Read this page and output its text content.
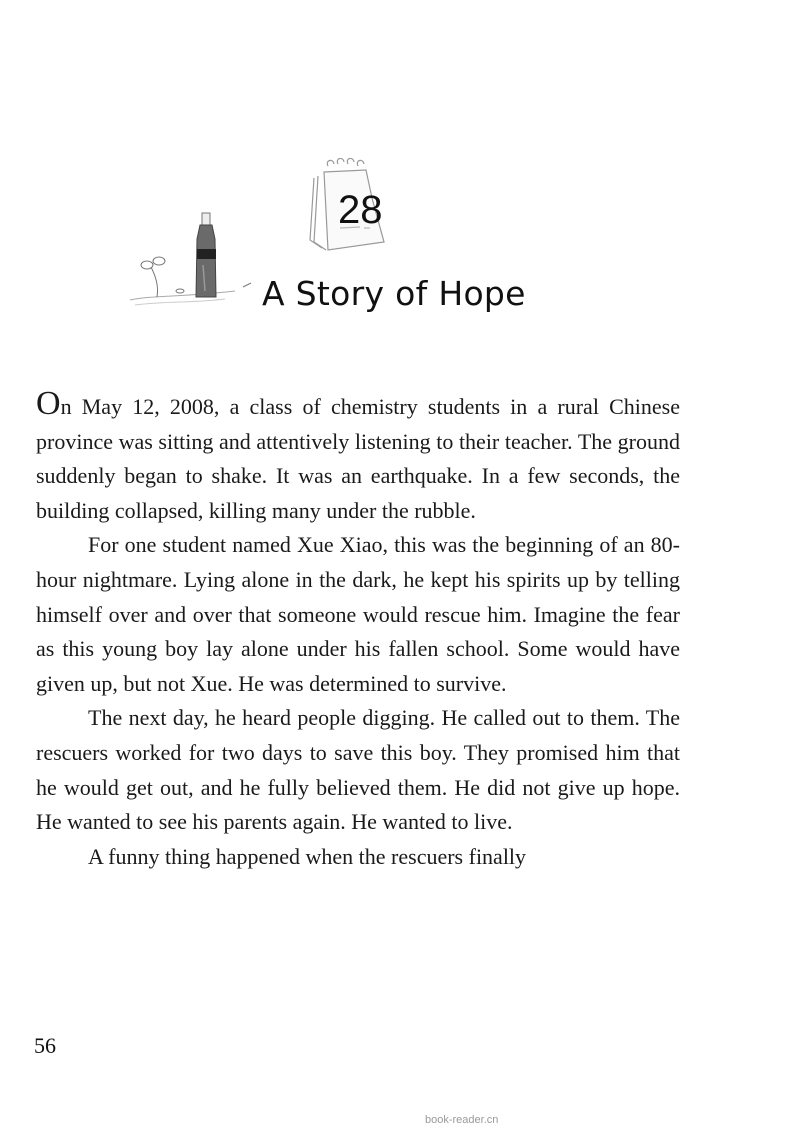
28
A Story of Hope

On May 12, 2008, a class of chemistry students in a rural Chinese province was sitting and attentively listening to their teacher. The ground suddenly began to shake. It was an earthquake. In a few seconds, the building collapsed, killing many under the rubble.

For one student named Xue Xiao, this was the beginning of an 80-hour nightmare. Lying alone in the dark, he kept his spirits up by telling himself over and over that someone would rescue him. Imagine the fear as this young boy lay alone under his fallen school. Some would have given up, but not Xue. He was determined to survive.

The next day, he heard people digging. He called out to them. The rescuers worked for two days to save this boy. They promised him that he would get out, and he fully believed them. He did not give up hope. He wanted to see his parents again. He wanted to live.

A funny thing happened when the rescuers finally

56
book-reader.cn
